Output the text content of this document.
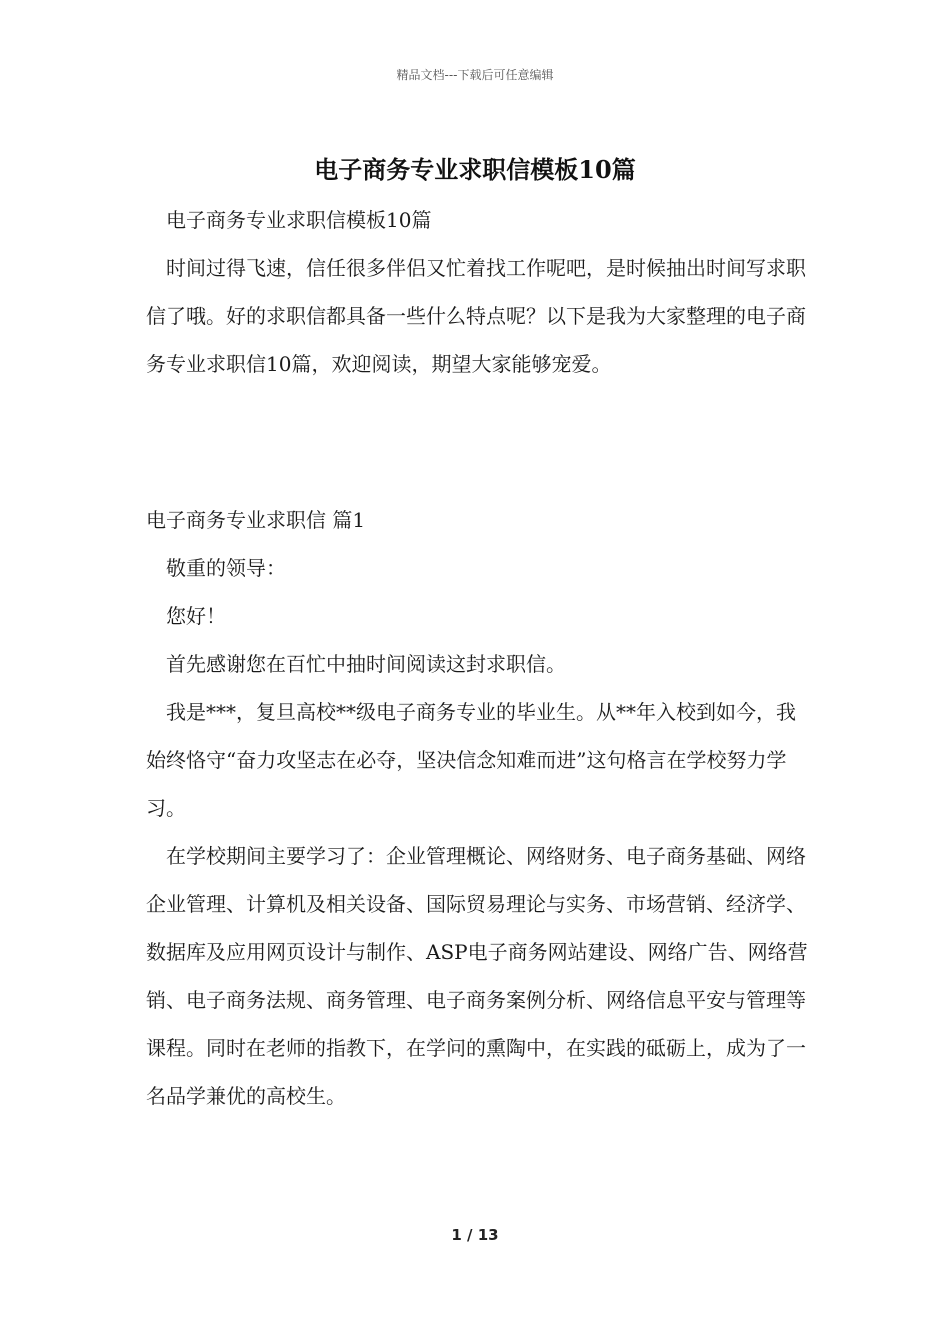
精品文档---下载后可任意编辑
电子商务专业求职信模板10篇

电子商务专业求职信模板10篇

时间过得飞速，信任很多伴侣又忙着找工作呢吧，是时候抽出时间写求职信了哦。好的求职信都具备一些什么特点呢？以下是我为大家整理的电子商务专业求职信10篇，欢迎阅读，期望大家能够宠爱。

电子商务专业求职信 篇1

敬重的领导：

您好！

首先感谢您在百忙中抽时间阅读这封求职信。

我是***，复旦高校**级电子商务专业的毕业生。从**年入校到如今，我始终恪守“奋力攻坚志在必夺，坚决信念知难而进”这句格言在学校努力学习。

在学校期间主要学习了：企业管理概论、网络财务、电子商务基础、网络企业管理、计算机及相关设备、国际贸易理论与实务、市场营销、经济学、数据库及应用网页设计与制作、ASP电子商务网站建设、网络广告、网络营销、电子商务法规、商务管理、电子商务案例分析、网络信息平安与管理等课程。同时在老师的指教下，在学问的熏陶中，在实践的砥砺上，成为了一名品学兼优的高校生。

1 / 13
